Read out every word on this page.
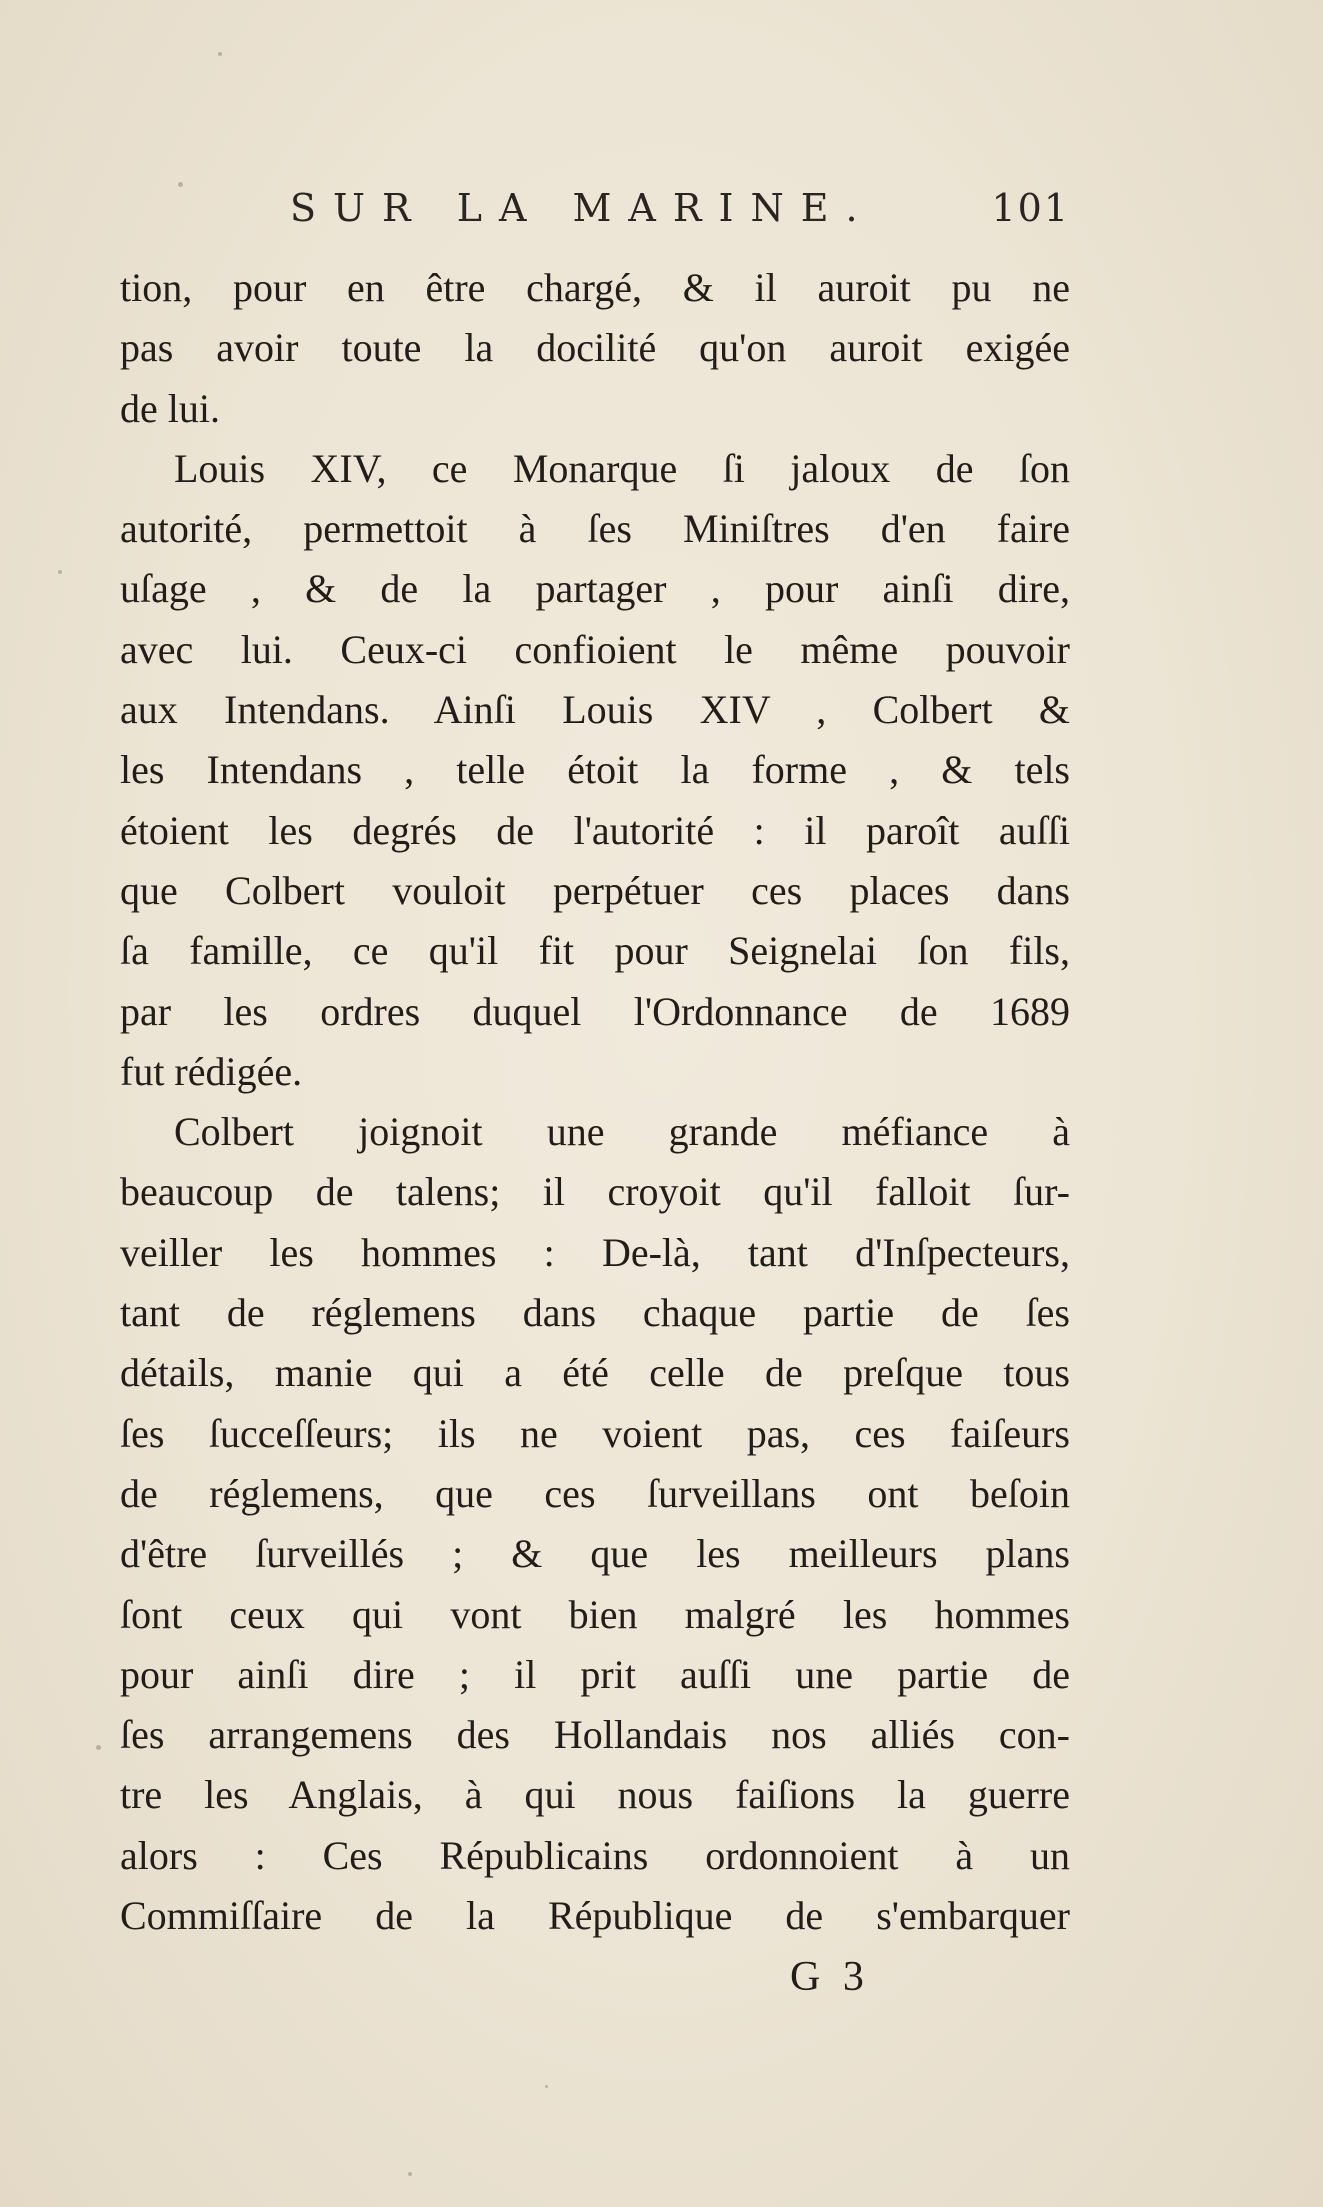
SUR LA MARINE.	101
tion, pour en être chargé, & il auroit pu ne
pas avoir toute la docilité qu'on auroit exigée
de lui.
Louis XIV, ce Monarque ſi jaloux de ſon
autorité, permettoit à ſes Miniſtres d'en faire
uſage , & de la partager , pour ainſi dire,
avec lui. Ceux-ci confioient le même pouvoir
aux Intendans. Ainſi Louis XIV , Colbert &
les Intendans , telle étoit la forme , & tels
étoient les degrés de l'autorité : il paroît auſſi
que Colbert vouloit perpétuer ces places dans
ſa famille, ce qu'il fit pour Seignelai ſon fils,
par les ordres duquel l'Ordonnance de 1689
fut rédigée.
Colbert joignoit une grande méfiance à
beaucoup de talens; il croyoit qu'il falloit ſur-
veiller les hommes : De-là, tant d'Inſpecteurs,
tant de réglemens dans chaque partie de ſes
détails, manie qui a été celle de preſque tous
ſes ſucceſſeurs; ils ne voient pas, ces faiſeurs
de réglemens, que ces ſurveillans ont beſoin
d'être ſurveillés ; & que les meilleurs plans
ſont ceux qui vont bien malgré les hommes
pour ainſi dire ; il prit auſſi une partie de
ſes arrangemens des Hollandais nos alliés con-
tre les Anglais, à qui nous faiſions la guerre
alors : Ces Républicains ordonnoient à un
Commiſſaire de la République de s'embarquer
G 3
